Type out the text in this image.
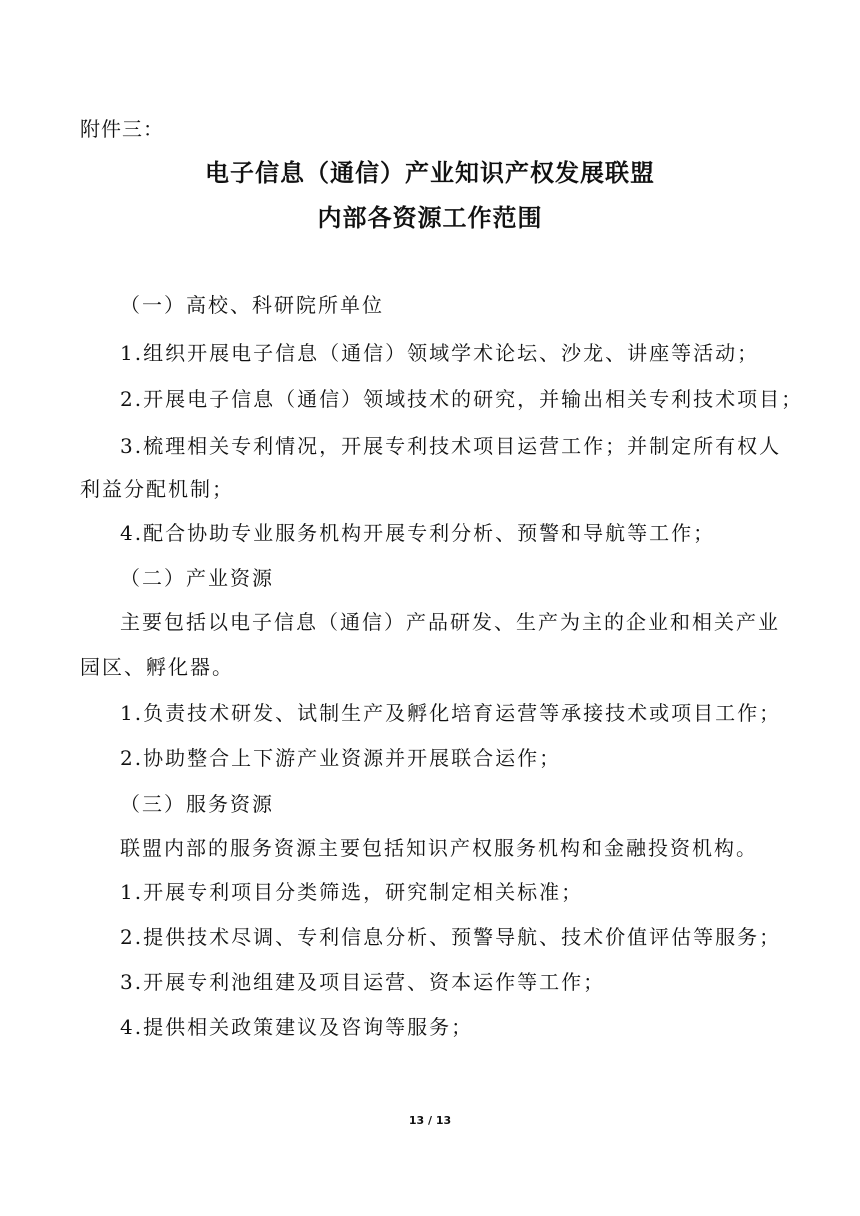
附件三：
电子信息（通信）产业知识产权发展联盟
内部各资源工作范围
（一）高校、科研院所单位
1.组织开展电子信息（通信）领域学术论坛、沙龙、讲座等活动；
2.开展电子信息（通信）领域技术的研究，并输出相关专利技术项目；
3.梳理相关专利情况，开展专利技术项目运营工作；并制定所有权人
利益分配机制；
4.配合协助专业服务机构开展专利分析、预警和导航等工作；
（二）产业资源
主要包括以电子信息（通信）产品研发、生产为主的企业和相关产业
园区、孵化器。
1.负责技术研发、试制生产及孵化培育运营等承接技术或项目工作；
2.协助整合上下游产业资源并开展联合运作；
（三）服务资源
联盟内部的服务资源主要包括知识产权服务机构和金融投资机构。
1.开展专利项目分类筛选，研究制定相关标准；
2.提供技术尽调、专利信息分析、预警导航、技术价值评估等服务；
3.开展专利池组建及项目运营、资本运作等工作；
4.提供相关政策建议及咨询等服务；
13 / 13
